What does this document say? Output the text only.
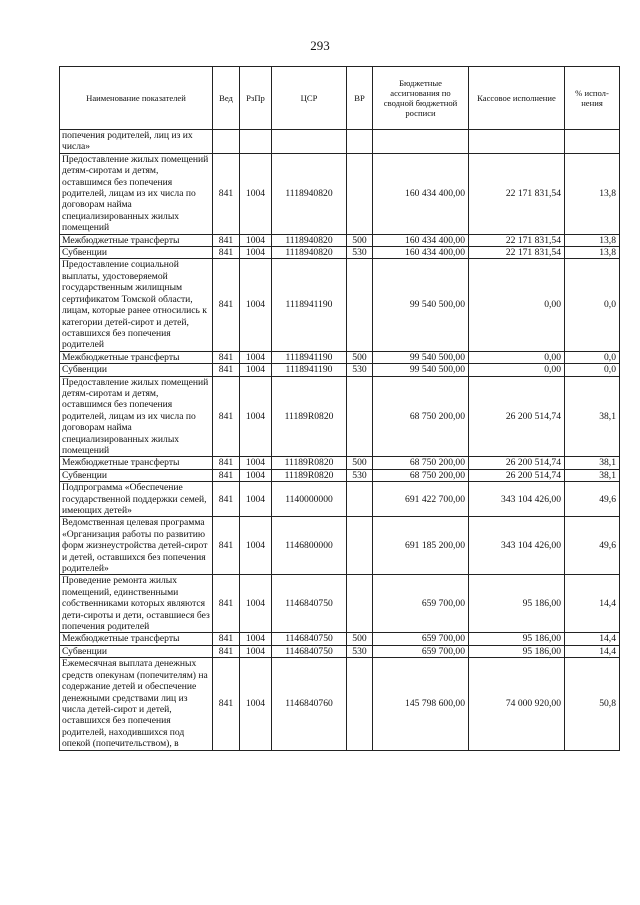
293
Наименование показателей	Вед	РзПр	ЦСР	ВР	Бюджетные ассигнования по сводной бюджетной росписи	Кассовое исполнение	% испол-нения
попечения родителей, лиц из их числа»							
Предоставление жилых помещений детям-сиротам и детям, оставшимся без попечения родителей, лицам из их числа по договорам найма специализированных жилых помещений	841	1004	1118940820		160 434 400,00	22 171 831,54	13,8
Межбюджетные трансферты	841	1004	1118940820	500	160 434 400,00	22 171 831,54	13,8
Субвенции	841	1004	1118940820	530	160 434 400,00	22 171 831,54	13,8
Предоставление социальной выплаты, удостоверяемой государственным жилищным сертификатом Томской области, лицам, которые ранее относились к категории детей-сирот и детей, оставшихся без попечения родителей	841	1004	1118941190		99 540 500,00	0,00	0,0
Межбюджетные трансферты	841	1004	1118941190	500	99 540 500,00	0,00	0,0
Субвенции	841	1004	1118941190	530	99 540 500,00	0,00	0,0
Предоставление жилых помещений детям-сиротам и детям, оставшимся без попечения родителей, лицам из их числа по договорам найма специализированных жилых помещений	841	1004	11189R0820		68 750 200,00	26 200 514,74	38,1
Межбюджетные трансферты	841	1004	11189R0820	500	68 750 200,00	26 200 514,74	38,1
Субвенции	841	1004	11189R0820	530	68 750 200,00	26 200 514,74	38,1
Подпрограмма «Обеспечение государственной поддержки семей, имеющих детей»	841	1004	1140000000		691 422 700,00	343 104 426,00	49,6
Ведомственная целевая программа «Организация работы по развитию форм жизнеустройства детей-сирот и детей, оставшихся без попечения родителей»	841	1004	1146800000		691 185 200,00	343 104 426,00	49,6
Проведение ремонта жилых помещений, единственными собственниками которых являются дети-сироты и дети, оставшиеся без попечения родителей	841	1004	1146840750		659 700,00	95 186,00	14,4
Межбюджетные трансферты	841	1004	1146840750	500	659 700,00	95 186,00	14,4
Субвенции	841	1004	1146840750	530	659 700,00	95 186,00	14,4
Ежемесячная выплата денежных средств опекунам (попечителям) на содержание детей и обеспечение денежными средствами лиц из числа детей-сирот и детей, оставшихся без попечения родителей, находившихся под опекой (попечительством), в	841	1004	1146840760		145 798 600,00	74 000 920,00	50,8
